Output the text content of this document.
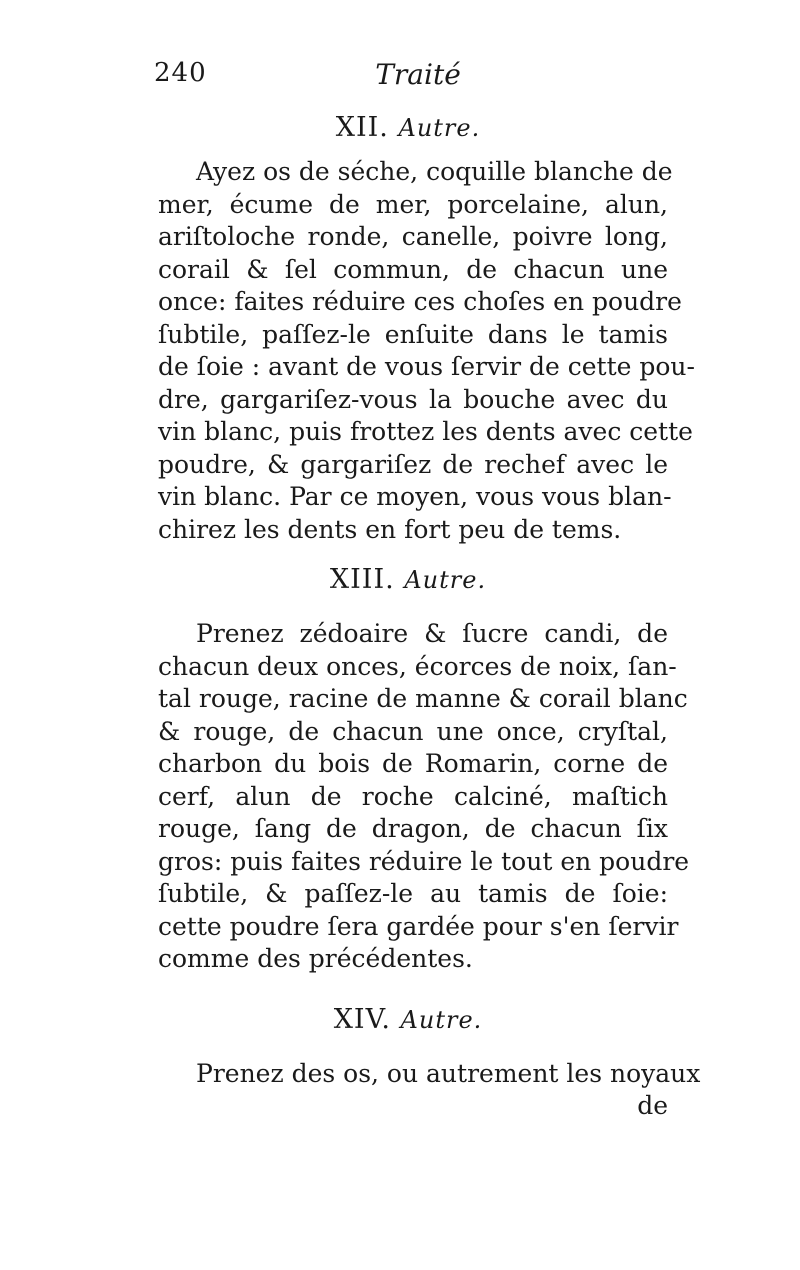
240	Traité
XII. Autre.
Ayez os de séche, coquille blanche de
mer, écume de mer, porcelaine, alun,
ariſtoloche ronde, canelle, poivre long,
corail & ſel commun, de chacun une
once: faites réduire ces choſes en poudre
ſubtile, paſſez-le enſuite dans le tamis
de ſoie : avant de vous ſervir de cette pou-
dre, gargariſez-vous la bouche avec du
vin blanc, puis frottez les dents avec cette
poudre, & gargariſez de rechef avec le
vin blanc. Par ce moyen, vous vous blan-
chirez les dents en fort peu de tems.
XIII. Autre.
Prenez zédoaire & ſucre candi, de
chacun deux onces, écorces de noix, ſan-
tal rouge, racine de manne & corail blanc
& rouge, de chacun une once, cryſtal,
charbon du bois de Romarin, corne de
cerf, alun de roche calciné, maſtich
rouge, ſang de dragon, de chacun ſix
gros: puis faites réduire le tout en poudre
ſubtile, & paſſez-le au tamis de ſoie:
cette poudre ſera gardée pour s'en ſervir
comme des précédentes.
XIV. Autre.
Prenez des os, ou autrement les noyaux
de
